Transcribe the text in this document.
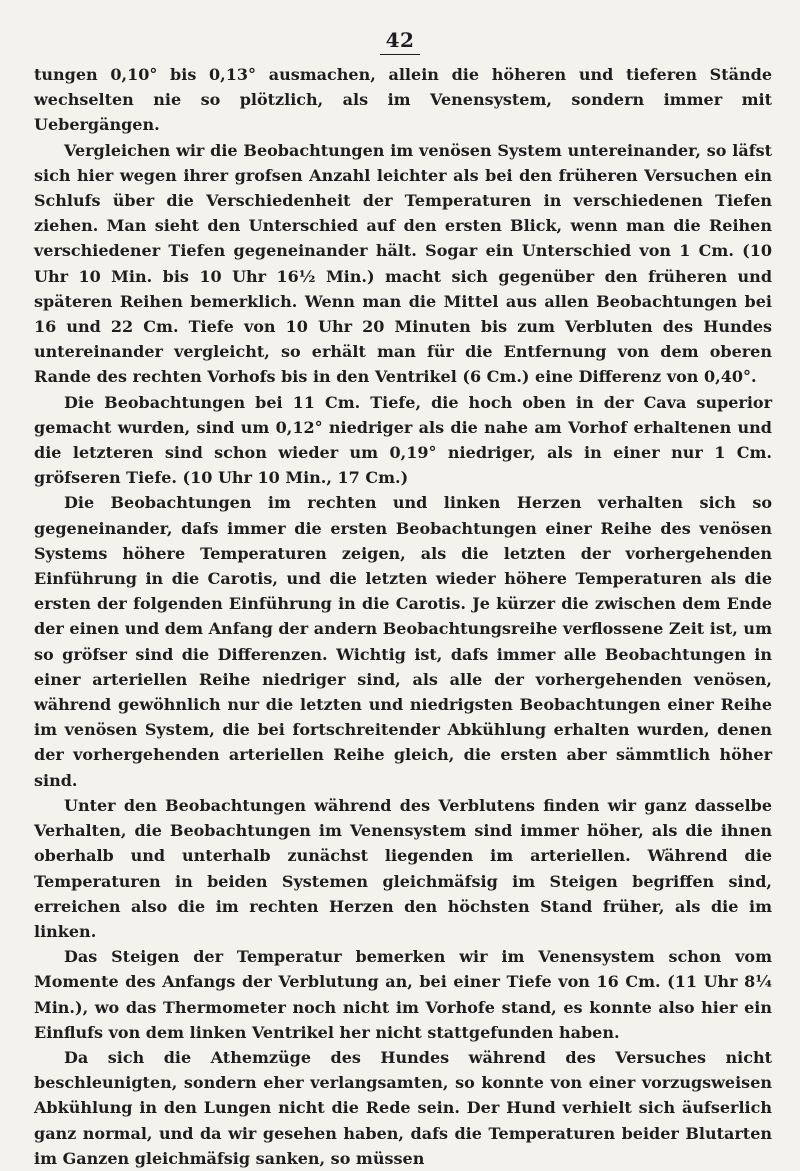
42

tungen 0,10° bis 0,13° ausmachen, allein die höheren und tieferen Stände wechselten nie so plötzlich, als im Venensystem, sondern immer mit Uebergängen.

Vergleichen wir die Beobachtungen im venösen System untereinander, so läfst sich hier wegen ihrer grofsen Anzahl leichter als bei den früheren Versuchen ein Schlufs über die Verschiedenheit der Temperaturen in verschiedenen Tiefen ziehen. Man sieht den Unterschied auf den ersten Blick, wenn man die Reihen verschiedener Tiefen gegeneinander hält. Sogar ein Unterschied von 1 Cm. (10 Uhr 10 Min. bis 10 Uhr 16½ Min.) macht sich gegenüber den früheren und späteren Reihen bemerklich. Wenn man die Mittel aus allen Beobachtungen bei 16 und 22 Cm. Tiefe von 10 Uhr 20 Minuten bis zum Verbluten des Hundes untereinander vergleicht, so erhält man für die Entfernung von dem oberen Rande des rechten Vorhofs bis in den Ventrikel (6 Cm.) eine Differenz von 0,40°.

Die Beobachtungen bei 11 Cm. Tiefe, die hoch oben in der Cava superior gemacht wurden, sind um 0,12° niedriger als die nahe am Vorhof erhaltenen und die letzteren sind schon wieder um 0,19° niedriger, als in einer nur 1 Cm. gröfseren Tiefe. (10 Uhr 10 Min., 17 Cm.)

Die Beobachtungen im rechten und linken Herzen verhalten sich so gegeneinander, dafs immer die ersten Beobachtungen einer Reihe des venösen Systems höhere Temperaturen zeigen, als die letzten der vorhergehenden Einführung in die Carotis, und die letzten wieder höhere Temperaturen als die ersten der folgenden Einführung in die Carotis. Je kürzer die zwischen dem Ende der einen und dem Anfang der andern Beobachtungsreihe verflossene Zeit ist, um so gröfser sind die Differenzen. Wichtig ist, dafs immer alle Beobachtungen in einer arteriellen Reihe niedriger sind, als alle der vorhergehenden venösen, während gewöhnlich nur die letzten und niedrigsten Beobachtungen einer Reihe im venösen System, die bei fortschreitender Abkühlung erhalten wurden, denen der vorhergehenden arteriellen Reihe gleich, die ersten aber sämmtlich höher sind.

Unter den Beobachtungen während des Verblutens finden wir ganz dasselbe Verhalten, die Beobachtungen im Venensystem sind immer höher, als die ihnen oberhalb und unterhalb zunächst liegenden im arteriellen. Während die Temperaturen in beiden Systemen gleichmäfsig im Steigen begriffen sind, erreichen also die im rechten Herzen den höchsten Stand früher, als die im linken.

Das Steigen der Temperatur bemerken wir im Venensystem schon vom Momente des Anfangs der Verblutung an, bei einer Tiefe von 16 Cm. (11 Uhr 8¼ Min.), wo das Thermometer noch nicht im Vorhofe stand, es konnte also hier ein Einflufs von dem linken Ventrikel her nicht stattgefunden haben.

Da sich die Athemzüge des Hundes während des Versuches nicht beschleunigten, sondern eher verlangsamten, so konnte von einer vorzugsweisen Abkühlung in den Lungen nicht die Rede sein. Der Hund verhielt sich äufserlich ganz normal, und da wir gesehen haben, dafs die Temperaturen beider Blutarten im Ganzen gleichmäfsig sanken, so müssen
